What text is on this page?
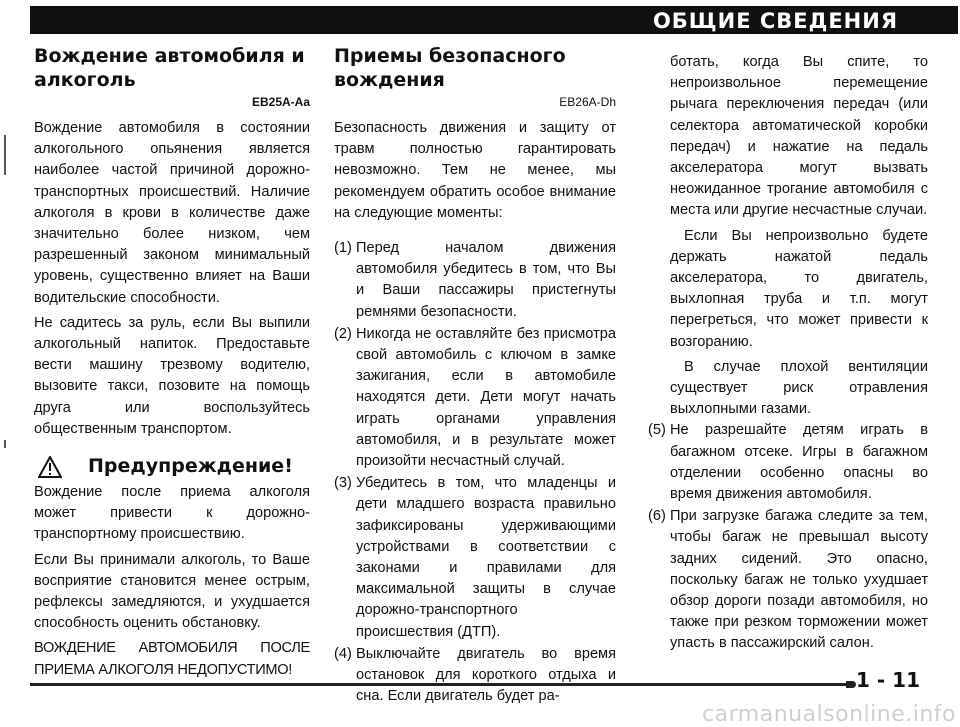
ОБЩИЕ СВЕДЕНИЯ
Вождение автомобиля и алкоголь
EB25A-Aa

Вождение автомобиля в состоянии алкогольного опьянения является наиболее частой причиной дорожно-транспортных происшествий. Наличие алкоголя в крови в количестве даже значительно более низком, чем разрешенный законом минимальный уровень, существенно влияет на Ваши водительские способности.

Не садитесь за руль, если Вы выпили алкогольный напиток. Предоставьте вести машину трезвому водителю, вызовите такси, позовите на помощь друга или воспользуйтесь общественным транспортом.

Предупреждение!

Вождение после приема алкоголя может привести к дорожно-транспортному происшествию.

Если Вы принимали алкоголь, то Ваше восприятие становится менее острым, рефлексы замедляются, и ухудшается способность оценить обстановку.

ВОЖДЕНИЕ АВТОМОБИЛЯ ПОСЛЕ ПРИЕМА АЛКОГОЛЯ НЕДОПУСТИМО!

Приемы безопасного вождения
EB26A-Dh

Безопасность движения и защиту от травм полностью гарантировать невозможно. Тем не менее, мы рекомендуем обратить особое внимание на следующие моменты:

(1) Перед началом движения автомобиля убедитесь в том, что Вы и Ваши пассажиры пристегнуты ремнями безопасности.
(2) Никогда не оставляйте без присмотра свой автомобиль с ключом в замке зажигания, если в автомобиле находятся дети. Дети могут начать играть органами управления автомобиля, и в результате может произойти несчастный случай.
(3) Убедитесь в том, что младенцы и дети младшего возраста правильно зафиксированы удерживающими устройствами в соответствии с законами и правилами для максимальной защиты в случае дорожно-транспортного происшествия (ДТП).
(4) Выключайте двигатель во время остановок для короткого отдыха и сна. Если двигатель будет ра-

ботать, когда Вы спите, то непроизвольное перемещение рычага переключения передач (или селектора автоматической коробки передач) и нажатие на педаль акселератора могут вызвать неожиданное трогание автомобиля с места или другие несчастные случаи.

Если Вы непроизвольно будете держать нажатой педаль акселератора, то двигатель, выхлопная труба и т.п. могут перегреться, что может привести к возгоранию.

В случае плохой вентиляции существует риск отравления выхлопными газами.

(5) Не разрешайте детям играть в багажном отсеке. Игры в багажном отделении особенно опасны во время движения автомобиля.
(6) При загрузке багажа следите за тем, чтобы багаж не превышал высоту задних сидений. Это опасно, поскольку багаж не только ухудшает обзор дороги позади автомобиля, но также при резком торможении может упасть в пассажирский салон.
1 - 11
carmanualsonline.info
